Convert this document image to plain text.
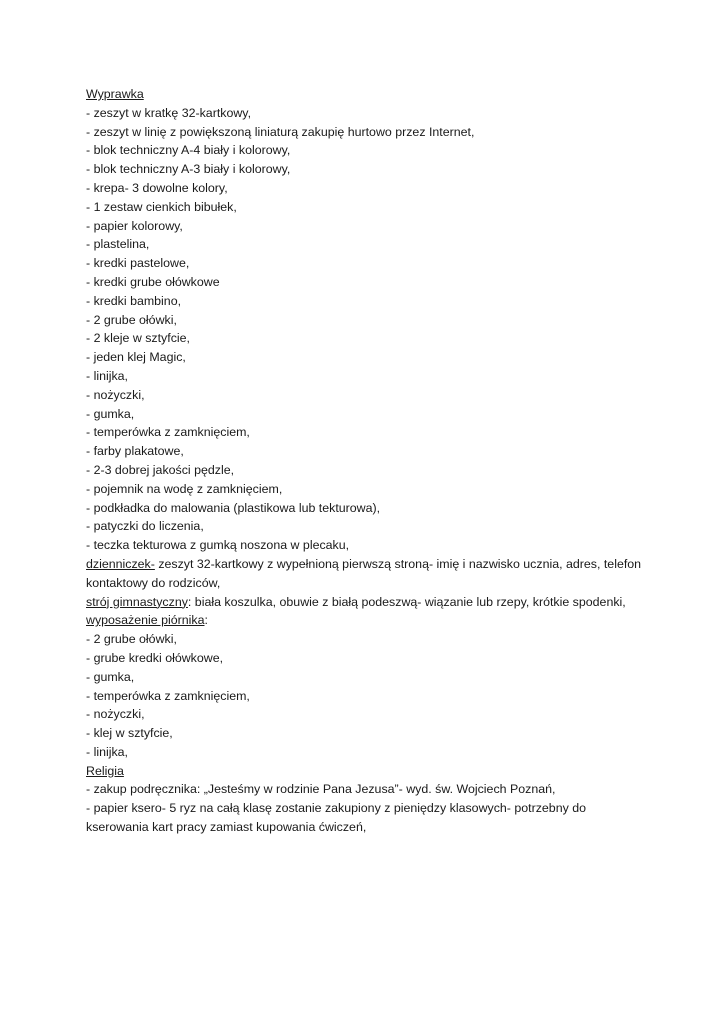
Wyprawka
- zeszyt w kratkę 32-kartkowy,
- zeszyt w linię z powiększoną liniaturą zakupię hurtowo przez Internet,
- blok techniczny A-4 biały i kolorowy,
- blok techniczny A-3 biały i kolorowy,
- krepa- 3 dowolne kolory,
- 1 zestaw cienkich bibułek,
- papier kolorowy,
- plastelina,
- kredki pastelowe,
- kredki grube ołówkowe
- kredki bambino,
- 2 grube ołówki,
- 2 kleje w sztyfcie,
- jeden klej Magic,
- linijka,
- nożyczki,
- gumka,
- temperówka z zamknięciem,
- farby plakatowe,
- 2-3 dobrej jakości pędzle,
- pojemnik na wodę z zamknięciem,
- podkładka do malowania (plastikowa lub tekturowa),
- patyczki do liczenia,
- teczka tekturowa z gumką noszona w plecaku,
dzienniczek- zeszyt 32-kartkowy z wypełnioną pierwszą stroną- imię i nazwisko ucznia, adres, telefon kontaktowy do rodziców,
strój gimnastyczny: biała koszulka, obuwie z białą podeszwą- wiązanie lub rzepy, krótkie spodenki,
wyposażenie piórnika:
- 2 grube ołówki,
- grube kredki ołówkowe,
- gumka,
- temperówka z zamknięciem,
- nożyczki,
- klej w sztyfcie,
- linijka,
Religia
- zakup podręcznika: „Jesteśmy w rodzinie Pana Jezusa”- wyd. św. Wojciech Poznań,
- papier ksero- 5 ryz na całą klasę zostanie zakupiony z pieniędzy klasowych- potrzebny do kserowania kart pracy zamiast kupowania ćwiczeń,
